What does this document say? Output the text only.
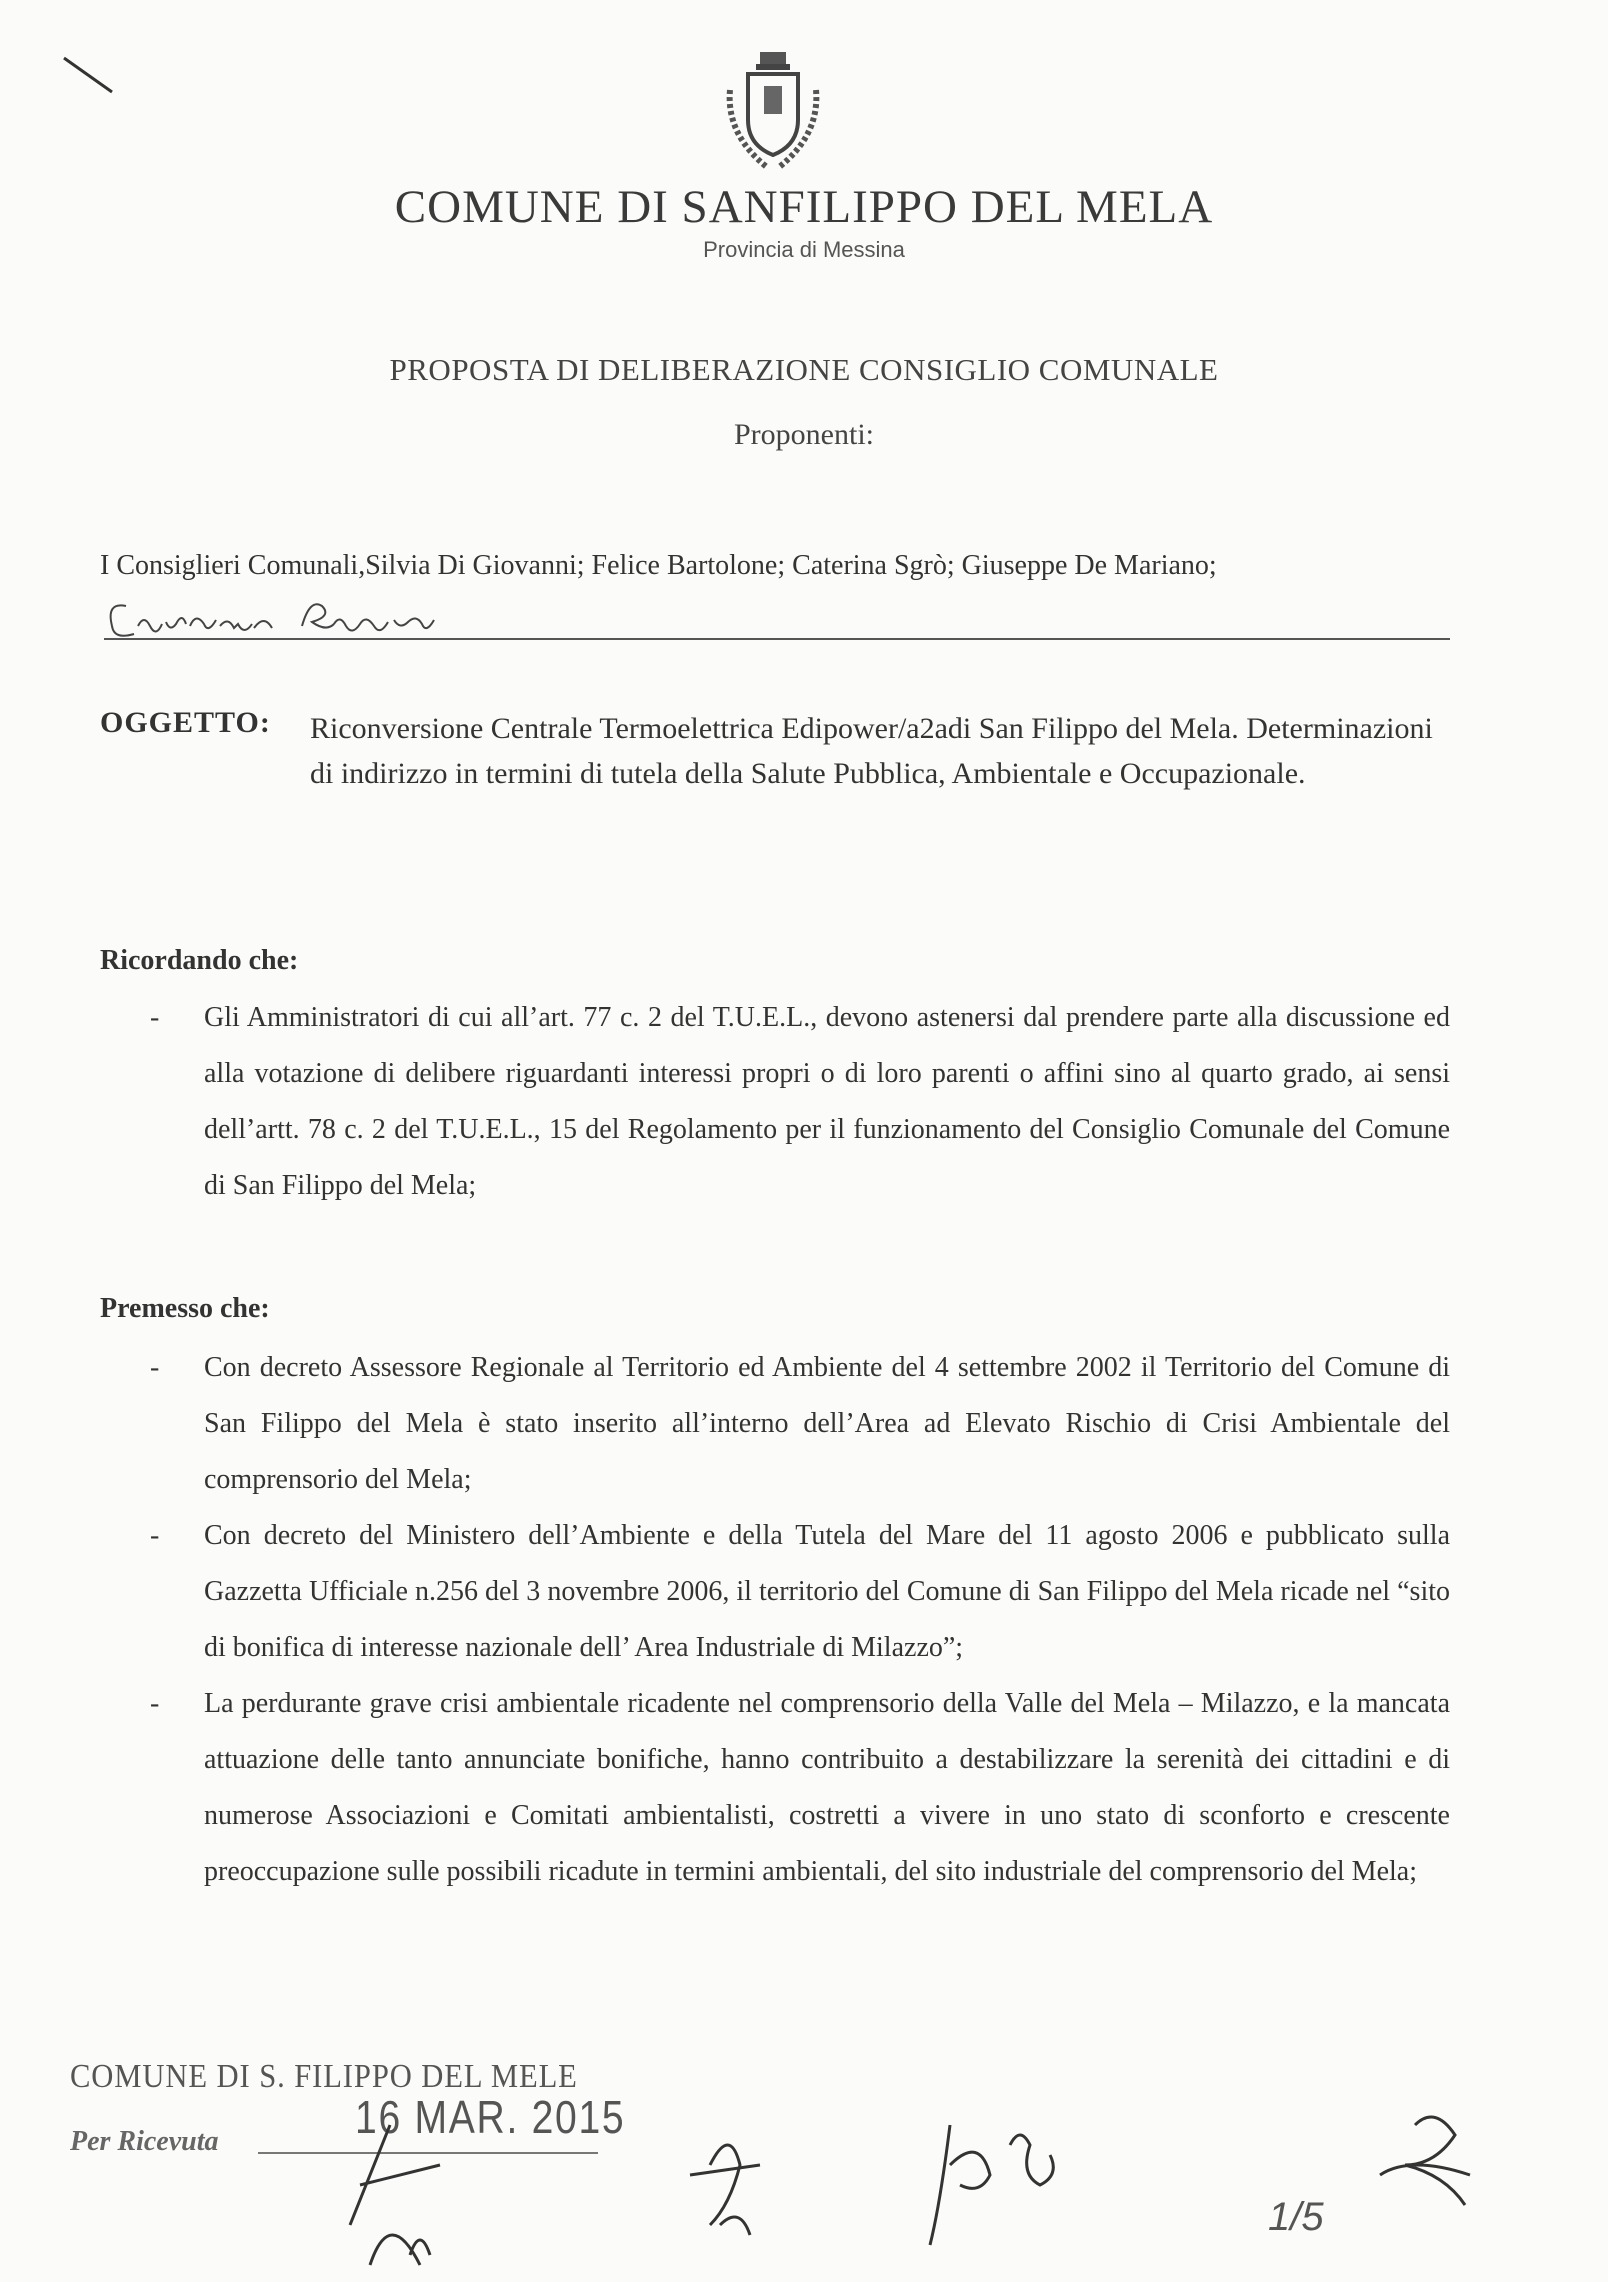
COMUNE DI SANFILIPPO DEL MELA
Provincia di Messina
PROPOSTA DI DELIBERAZIONE CONSIGLIO COMUNALE
Proponenti:
I Consiglieri Comunali,Silvia Di Giovanni; Felice Bartolone; Caterina Sgrò; Giuseppe De Mariano;
OGGETTO: Riconversione Centrale Termoelettrica Edipower/a2adi San Filippo del Mela. Determinazioni di indirizzo in termini di tutela della Salute Pubblica, Ambientale e Occupazionale.
Ricordando che:
- Gli Amministratori di cui all’art. 77 c. 2 del T.U.E.L., devono astenersi dal prendere parte alla discussione ed alla votazione di delibere riguardanti interessi propri o di loro parenti o affini sino al quarto grado, ai sensi dell’artt. 78 c. 2 del T.U.E.L., 15 del Regolamento per il funzionamento del Consiglio Comunale del Comune di San Filippo del Mela;
Premesso che:
- Con decreto Assessore Regionale al Territorio ed Ambiente del 4 settembre 2002 il Territorio del Comune di San Filippo del Mela è stato inserito all’interno dell’Area ad Elevato Rischio di Crisi Ambientale del comprensorio del Mela;
- Con decreto del Ministero dell’Ambiente e della Tutela del Mare del 11 agosto 2006 e pubblicato sulla Gazzetta Ufficiale n.256 del 3 novembre 2006, il territorio del Comune di San Filippo del Mela ricade nel “sito di bonifica di interesse nazionale dell’ Area Industriale di Milazzo”;
- La perdurante grave crisi ambientale ricadente nel comprensorio della Valle del Mela – Milazzo, e la mancata attuazione delle tanto annunciate bonifiche, hanno contribuito a destabilizzare la serenità dei cittadini e di numerose Associazioni e Comitati ambientalisti, costretti a vivere in uno stato di sconforto e crescente preoccupazione sulle possibili ricadute in termini ambientali, del sito industriale del comprensorio del Mela;
COMUNE DI S. FILIPPO DEL MELE
Per Ricevuta	16 MAR. 2015
1/5
